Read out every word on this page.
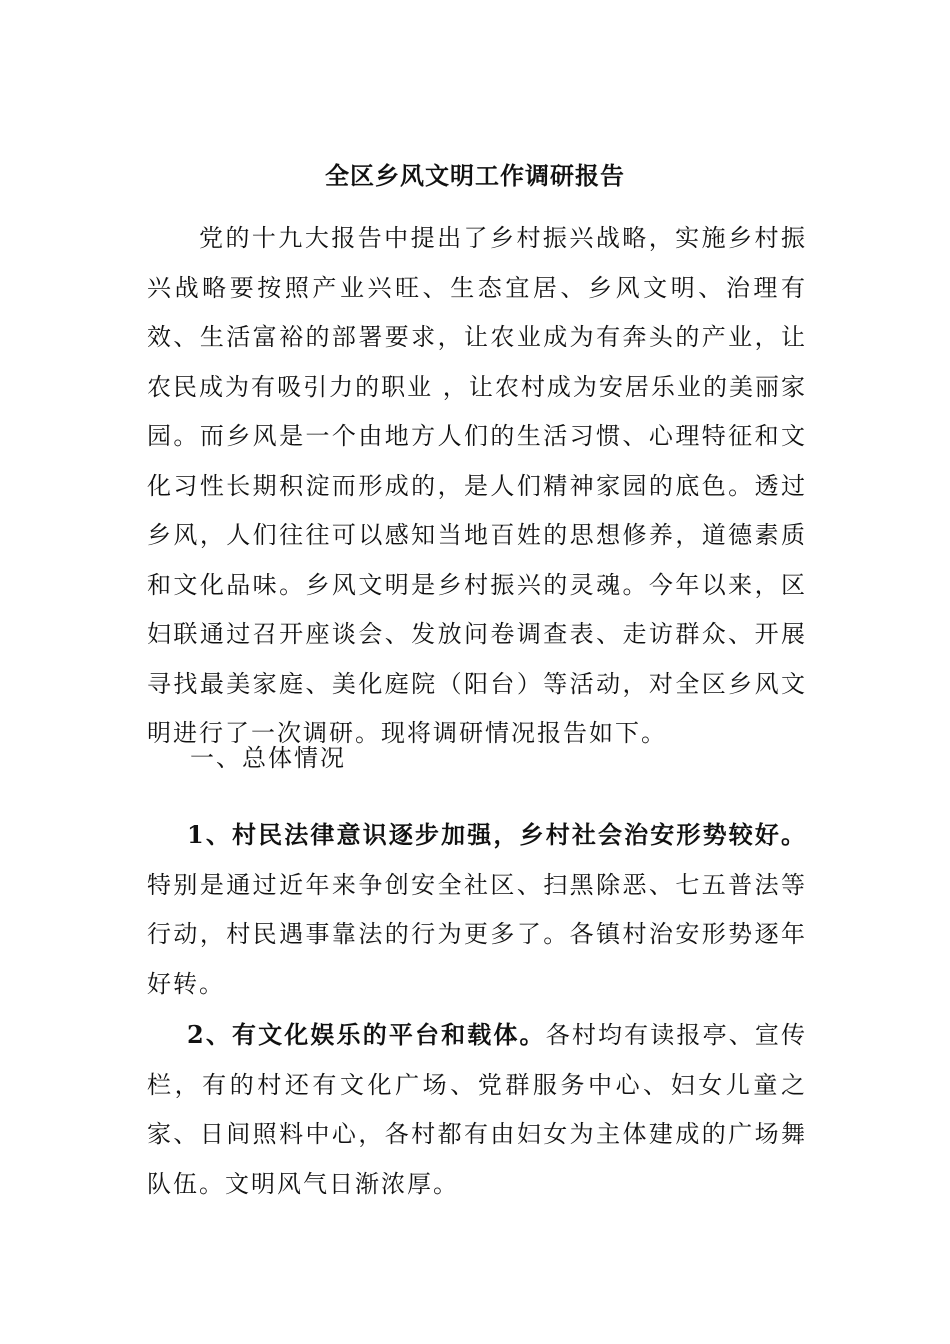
全区乡风文明工作调研报告

党的十九大报告中提出了乡村振兴战略，实施乡村振兴战略要按照产业兴旺、生态宜居、乡风文明、治理有效、生活富裕的部署要求，让农业成为有奔头的产业，让农民成为有吸引力的职业 ，让农村成为安居乐业的美丽家园。而乡风是一个由地方人们的生活习惯、心理特征和文化习性长期积淀而形成的，是人们精神家园的底色。透过乡风，人们往往可以感知当地百姓的思想修养，道德素质和文化品味。乡风文明是乡村振兴的灵魂。今年以来，区妇联通过召开座谈会、发放问卷调查表、走访群众、开展寻找最美家庭、美化庭院（阳台）等活动，对全区乡风文明进行了一次调研。现将调研情况报告如下。

一、总体情况

1、村民法律意识逐步加强，乡村社会治安形势较好。特别是通过近年来争创安全社区、扫黑除恶、七五普法等行动，村民遇事靠法的行为更多了。各镇村治安形势逐年好转。

2、有文化娱乐的平台和载体。各村均有读报亭、宣传栏，有的村还有文化广场、党群服务中心、妇女儿童之家、日间照料中心，各村都有由妇女为主体建成的广场舞队伍。文明风气日渐浓厚。
